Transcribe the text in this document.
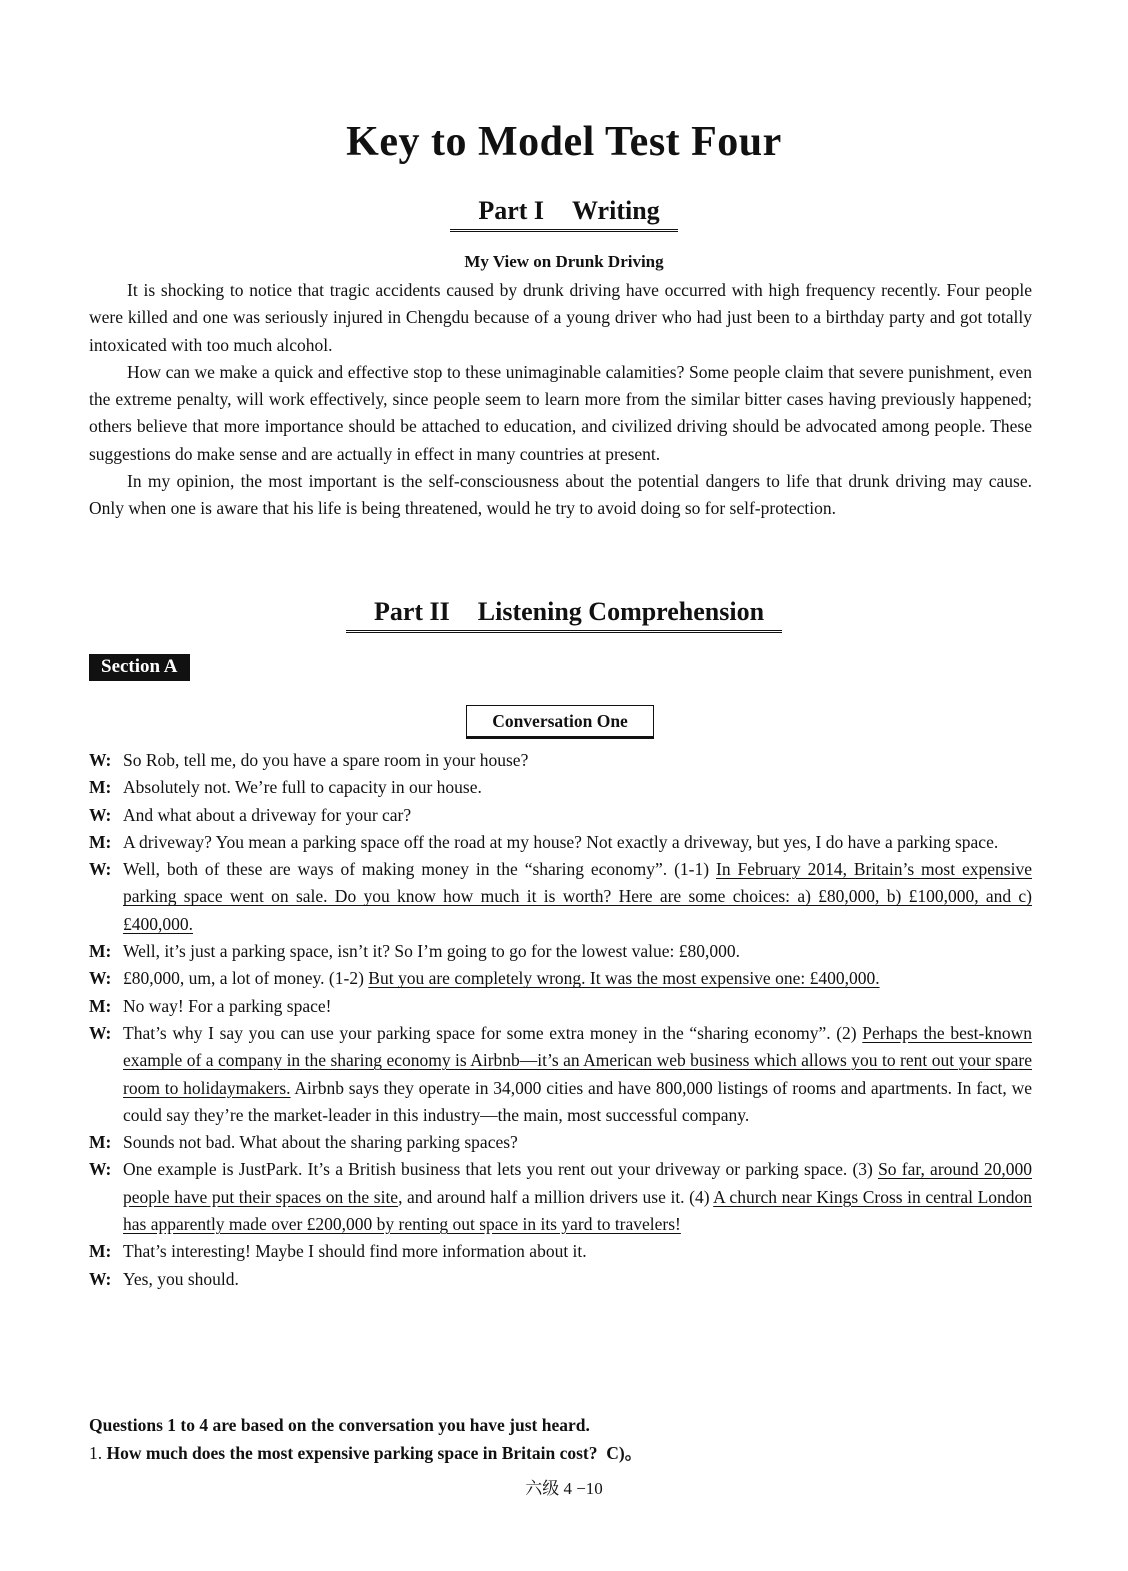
Key to Model Test Four
Part I Writing
My View on Drunk Driving

It is shocking to notice that tragic accidents caused by drunk driving have occurred with high frequency recently. Four people were killed and one was seriously injured in Chengdu because of a young driver who had just been to a birthday party and got totally intoxicated with too much alcohol.

How can we make a quick and effective stop to these unimaginable calamities? Some people claim that severe punishment, even the extreme penalty, will work effectively, since people seem to learn more from the similar bitter cases having previously happened; others believe that more importance should be attached to education, and civilized driving should be advocated among people. These suggestions do make sense and are actually in effect in many countries at present.

In my opinion, the most important is the self-consciousness about the potential dangers to life that drunk driving may cause. Only when one is aware that his life is being threatened, would he try to avoid doing so for self-protection.

Part II Listening Comprehension
Section A
Conversation One
W: So Rob, tell me, do you have a spare room in your house?
M: Absolutely not. We’re full to capacity in our house.
W: And what about a driveway for your car?
M: A driveway? You mean a parking space off the road at my house? Not exactly a driveway, but yes, I do have a parking space.
W: Well, both of these are ways of making money in the “sharing economy”. (1-1) In February 2014, Britain’s most expensive parking space went on sale. Do you know how much it is worth? Here are some choices: a) £80,000, b) £100,000, and c) £400,000.
M: Well, it’s just a parking space, isn’t it? So I’m going to go for the lowest value: £80,000.
W: £80,000, um, a lot of money. (1-2) But you are completely wrong. It was the most expensive one: £400,000.
M: No way! For a parking space!
W: That’s why I say you can use your parking space for some extra money in the “sharing economy”. (2) Perhaps the best-known example of a company in the sharing economy is Airbnb—it’s an American web business which allows you to rent out your spare room to holidaymakers. Airbnb says they operate in 34,000 cities and have 800,000 listings of rooms and apartments. In fact, we could say they’re the market-leader in this industry—the main, most successful company.
M: Sounds not bad. What about the sharing parking spaces?
W: One example is JustPark. It’s a British business that lets you rent out your driveway or parking space. (3) So far, around 20,000 people have put their spaces on the site, and around half a million drivers use it. (4) A church near Kings Cross in central London has apparently made over £200,000 by renting out space in its yard to travelers!
M: That’s interesting! Maybe I should find more information about it.
W: Yes, you should.
Questions 1 to 4 are based on the conversation you have just heard.
1. How much does the most expensive parking space in Britain cost? C)。
六级 4 −10
